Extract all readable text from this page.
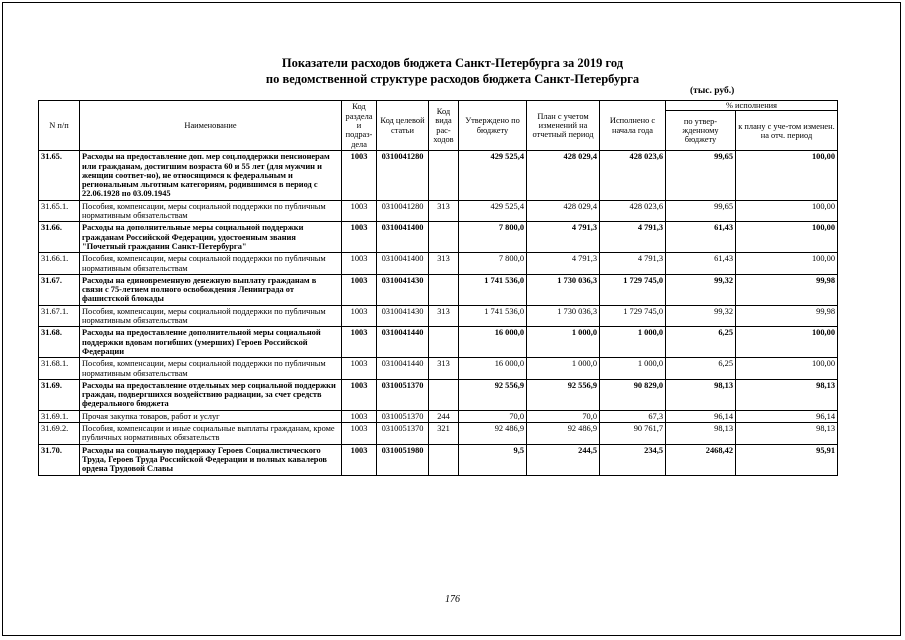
Показатели расходов бюджета Санкт-Петербурга за 2019 год
по ведомственной структуре расходов бюджета Санкт-Петербурга
(тыс. руб.)
N п/п	Наименование	Код раздела и подраз-дела	Код целевой статьи	Код вида рас-ходов	Утверждено по бюджету	План с учетом изменений на отчетный период	Исполнено с начала года	% исполнения	
								по утвер-жденному бюджету	к плану с уче-том изменен. на отч. период
31.65.	Расходы на предоставление доп. мер соц.поддержки пенсионерам или гражданам, достигшим возраста 60 и 55 лет (для мужчин и женщин соответ-но), не относящимся к федеральным и региональным льготным категориям, родившимся в период с 22.06.1928 по 03.09.1945	1003	0310041280		429 525,4	428 029,4	428 023,6	99,65	100,00
31.65.1.	Пособия, компенсации, меры социальной поддержки по публичным нормативным обязательствам	1003	0310041280	313	429 525,4	428 029,4	428 023,6	99,65	100,00
31.66.	Расходы на дополнительные меры социальной поддержки гражданам Российской Федерации, удостоенным звания "Почетный гражданин Санкт-Петербурга"	1003	0310041400		7 800,0	4 791,3	4 791,3	61,43	100,00
31.66.1.	Пособия, компенсации, меры социальной поддержки по публичным нормативным обязательствам	1003	0310041400	313	7 800,0	4 791,3	4 791,3	61,43	100,00
31.67.	Расходы на единовременную денежную выплату гражданам в связи с 75-летием полного освобождения Ленинграда от фашистской блокады	1003	0310041430		1 741 536,0	1 730 036,3	1 729 745,0	99,32	99,98
31.67.1.	Пособия, компенсации, меры социальной поддержки по публичным нормативным обязательствам	1003	0310041430	313	1 741 536,0	1 730 036,3	1 729 745,0	99,32	99,98
31.68.	Расходы на предоставление дополнительной меры социальной поддержки вдовам погибших (умерших) Героев Российской Федерации	1003	0310041440		16 000,0	1 000,0	1 000,0	6,25	100,00
31.68.1.	Пособия, компенсации, меры социальной поддержки по публичным нормативным обязательствам	1003	0310041440	313	16 000,0	1 000,0	1 000,0	6,25	100,00
31.69.	Расходы на предоставление отдельных мер социальной поддержки граждан, подвергшихся воздействию радиации, за счет средств федерального бюджета	1003	0310051370		92 556,9	92 556,9	90 829,0	98,13	98,13
31.69.1.	Прочая закупка товаров, работ и услуг	1003	0310051370	244	70,0	70,0	67,3	96,14	96,14
31.69.2.	Пособия, компенсации и иные социальные выплаты гражданам, кроме публичных нормативных обязательств	1003	0310051370	321	92 486,9	92 486,9	90 761,7	98,13	98,13
31.70.	Расходы на социальную поддержку Героев Социалистического Труда, Героев Труда Российской Федерации и полных кавалеров ордена Трудовой Славы	1003	0310051980		9,5	244,5	234,5	2468,42	95,91
176
